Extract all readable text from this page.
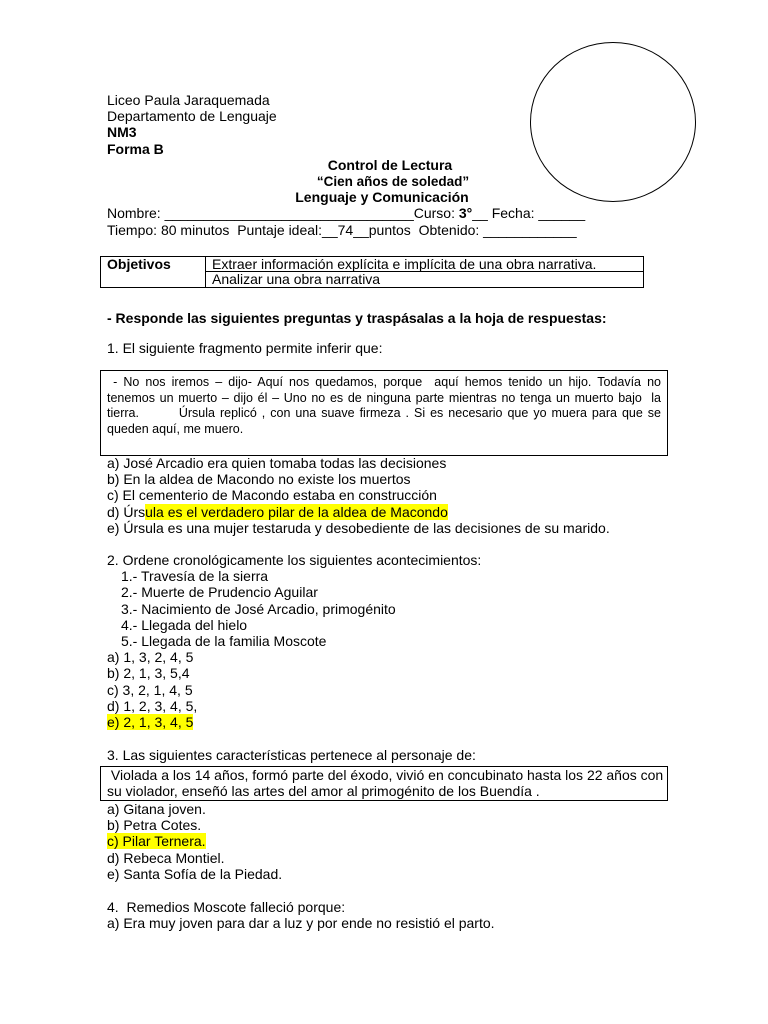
Liceo Paula Jaraquemada
Departamento de Lenguaje
NM3
Forma B
Control de Lectura
“Cien años de soledad”
Lenguaje y Comunicación
Nombre: ________________________________Curso: 3°__ Fecha: ______
Tiempo: 80 minutos  Puntaje ideal:__74__puntos  Obtenido: ____________
Objetivos	Extraer información explícita e implícita de una obra narrativa.
Analizar una obra narrativa
- Responde las siguientes preguntas y traspásalas a la hoja de respuestas:
1. El siguiente fragmento permite inferir que:
- No nos iremos – dijo- Aquí nos quedamos, porque  aquí hemos tenido un hijo. Todavía no
tenemos un muerto – dijo él – Uno no es de ninguna parte mientras no tenga un muerto bajo  la
tierra.        Úrsula replicó , con una suave firmeza . Si es necesario que yo muera para que se
queden aquí, me muero.
a) José Arcadio era quien tomaba todas las decisiones
b) En la aldea de Macondo no existe los muertos
c) El cementerio de Macondo estaba en construcción
d) Úrsula es el verdadero pilar de la aldea de Macondo
e) Úrsula es una mujer testaruda y desobediente de las decisiones de su marido.
2. Ordene cronológicamente los siguientes acontecimientos:
1.- Travesía de la sierra
2.- Muerte de Prudencio Aguilar
3.- Nacimiento de José Arcadio, primogénito
4.- Llegada del hielo
5.- Llegada de la familia Moscote
a) 1, 3, 2, 4, 5
b) 2, 1, 3, 5,4
c) 3, 2, 1, 4, 5
d) 1, 2, 3, 4, 5,
e) 2, 1, 3, 4, 5
3. Las siguientes características pertenece al personaje de:
Violada a los 14 años, formó parte del éxodo, vivió en concubinato hasta los 22 años con
su violador, enseñó las artes del amor al primogénito de los Buendía .
a) Gitana joven.
b) Petra Cotes.
c) Pilar Ternera.
d) Rebeca Montiel.
e) Santa Sofía de la Piedad.
4.  Remedios Moscote falleció porque:
a) Era muy joven para dar a luz y por ende no resistió el parto.
